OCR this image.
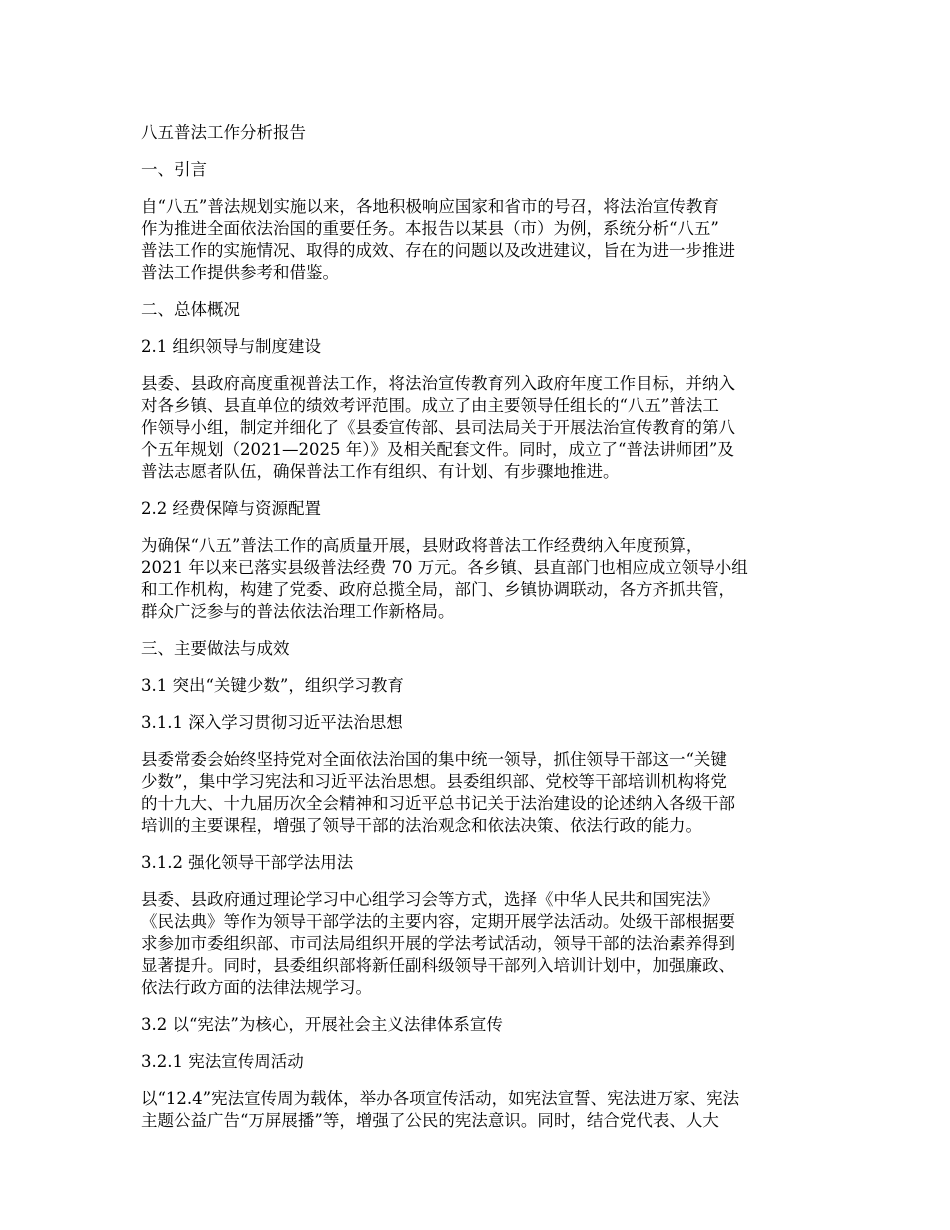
八五普法工作分析报告
一、引言
自“八五”普法规划实施以来，各地积极响应国家和省市的号召，将法治宣传教育
作为推进全面依法治国的重要任务。本报告以某县（市）为例，系统分析“八五”
普法工作的实施情况、取得的成效、存在的问题以及改进建议，旨在为进一步推进
普法工作提供参考和借鉴。
二、总体概况
2.1 组织领导与制度建设
县委、县政府高度重视普法工作，将法治宣传教育列入政府年度工作目标，并纳入
对各乡镇、县直单位的绩效考评范围。成立了由主要领导任组长的“八五”普法工
作领导小组，制定并细化了《县委宣传部、县司法局关于开展法治宣传教育的第八
个五年规划（2021—2025 年）》及相关配套文件。同时，成立了“普法讲师团”及
普法志愿者队伍，确保普法工作有组织、有计划、有步骤地推进。
2.2 经费保障与资源配置
为确保“八五”普法工作的高质量开展，县财政将普法工作经费纳入年度预算，
2021 年以来已落实县级普法经费 70 万元。各乡镇、县直部门也相应成立领导小组
和工作机构，构建了党委、政府总揽全局，部门、乡镇协调联动，各方齐抓共管，
群众广泛参与的普法依法治理工作新格局。
三、主要做法与成效
3.1 突出“关键少数”，组织学习教育
3.1.1 深入学习贯彻习近平法治思想
县委常委会始终坚持党对全面依法治国的集中统一领导，抓住领导干部这一“关键
少数”，集中学习宪法和习近平法治思想。县委组织部、党校等干部培训机构将党
的十九大、十九届历次全会精神和习近平总书记关于法治建设的论述纳入各级干部
培训的主要课程，增强了领导干部的法治观念和依法决策、依法行政的能力。
3.1.2 强化领导干部学法用法
县委、县政府通过理论学习中心组学习会等方式，选择《中华人民共和国宪法》
《民法典》等作为领导干部学法的主要内容，定期开展学法活动。处级干部根据要
求参加市委组织部、市司法局组织开展的学法考试活动，领导干部的法治素养得到
显著提升。同时，县委组织部将新任副科级领导干部列入培训计划中，加强廉政、
依法行政方面的法律法规学习。
3.2 以“宪法”为核心，开展社会主义法律体系宣传
3.2.1 宪法宣传周活动
以“12.4”宪法宣传周为载体，举办各项宣传活动，如宪法宣誓、宪法进万家、宪法
主题公益广告“万屏展播”等，增强了公民的宪法意识。同时，结合党代表、人大
